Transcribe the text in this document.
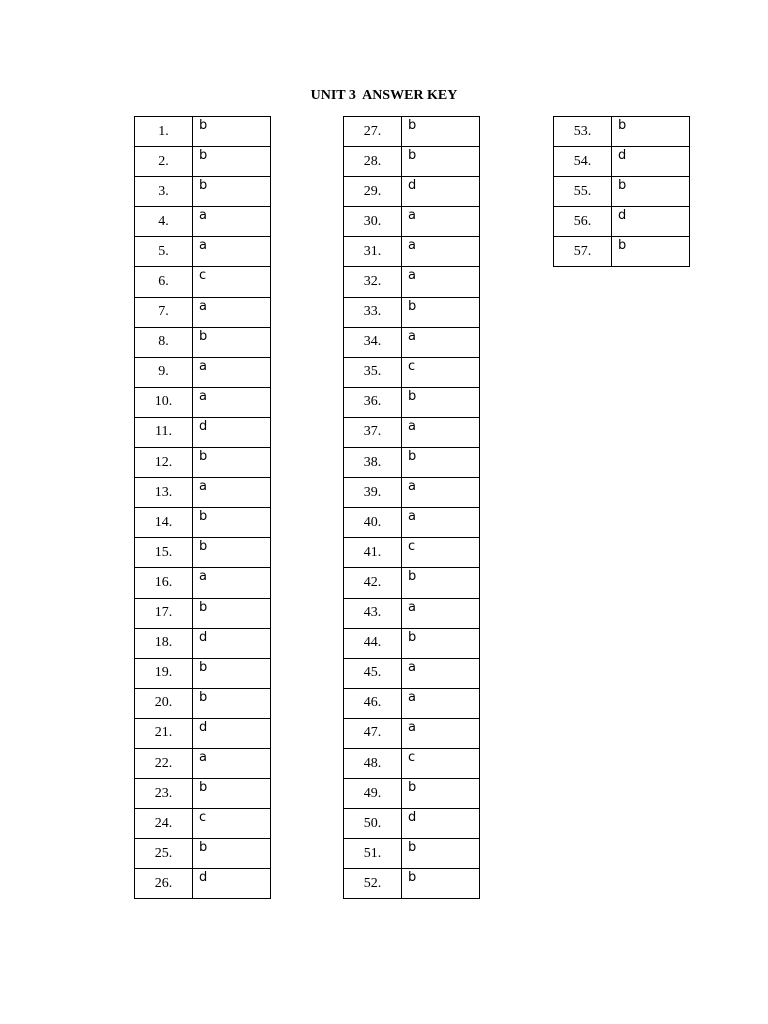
UNIT 3  ANSWER KEY
1.	b
2.	b
3.	b
4.	a
5.	a
6.	c
7.	a
8.	b
9.	a
10.	a
11.	d
12.	b
13.	a
14.	b
15.	b
16.	a
17.	b
18.	d
19.	b
20.	b
21.	d
22.	a
23.	b
24.	c
25.	b
26.	d
27.	b
28.	b
29.	d
30.	a
31.	a
32.	a
33.	b
34.	a
35.	c
36.	b
37.	a
38.	b
39.	a
40.	a
41.	c
42.	b
43.	a
44.	b
45.	a
46.	a
47.	a
48.	c
49.	b
50.	d
51.	b
52.	b
53.	b
54.	d
55.	b
56.	d
57.	b
